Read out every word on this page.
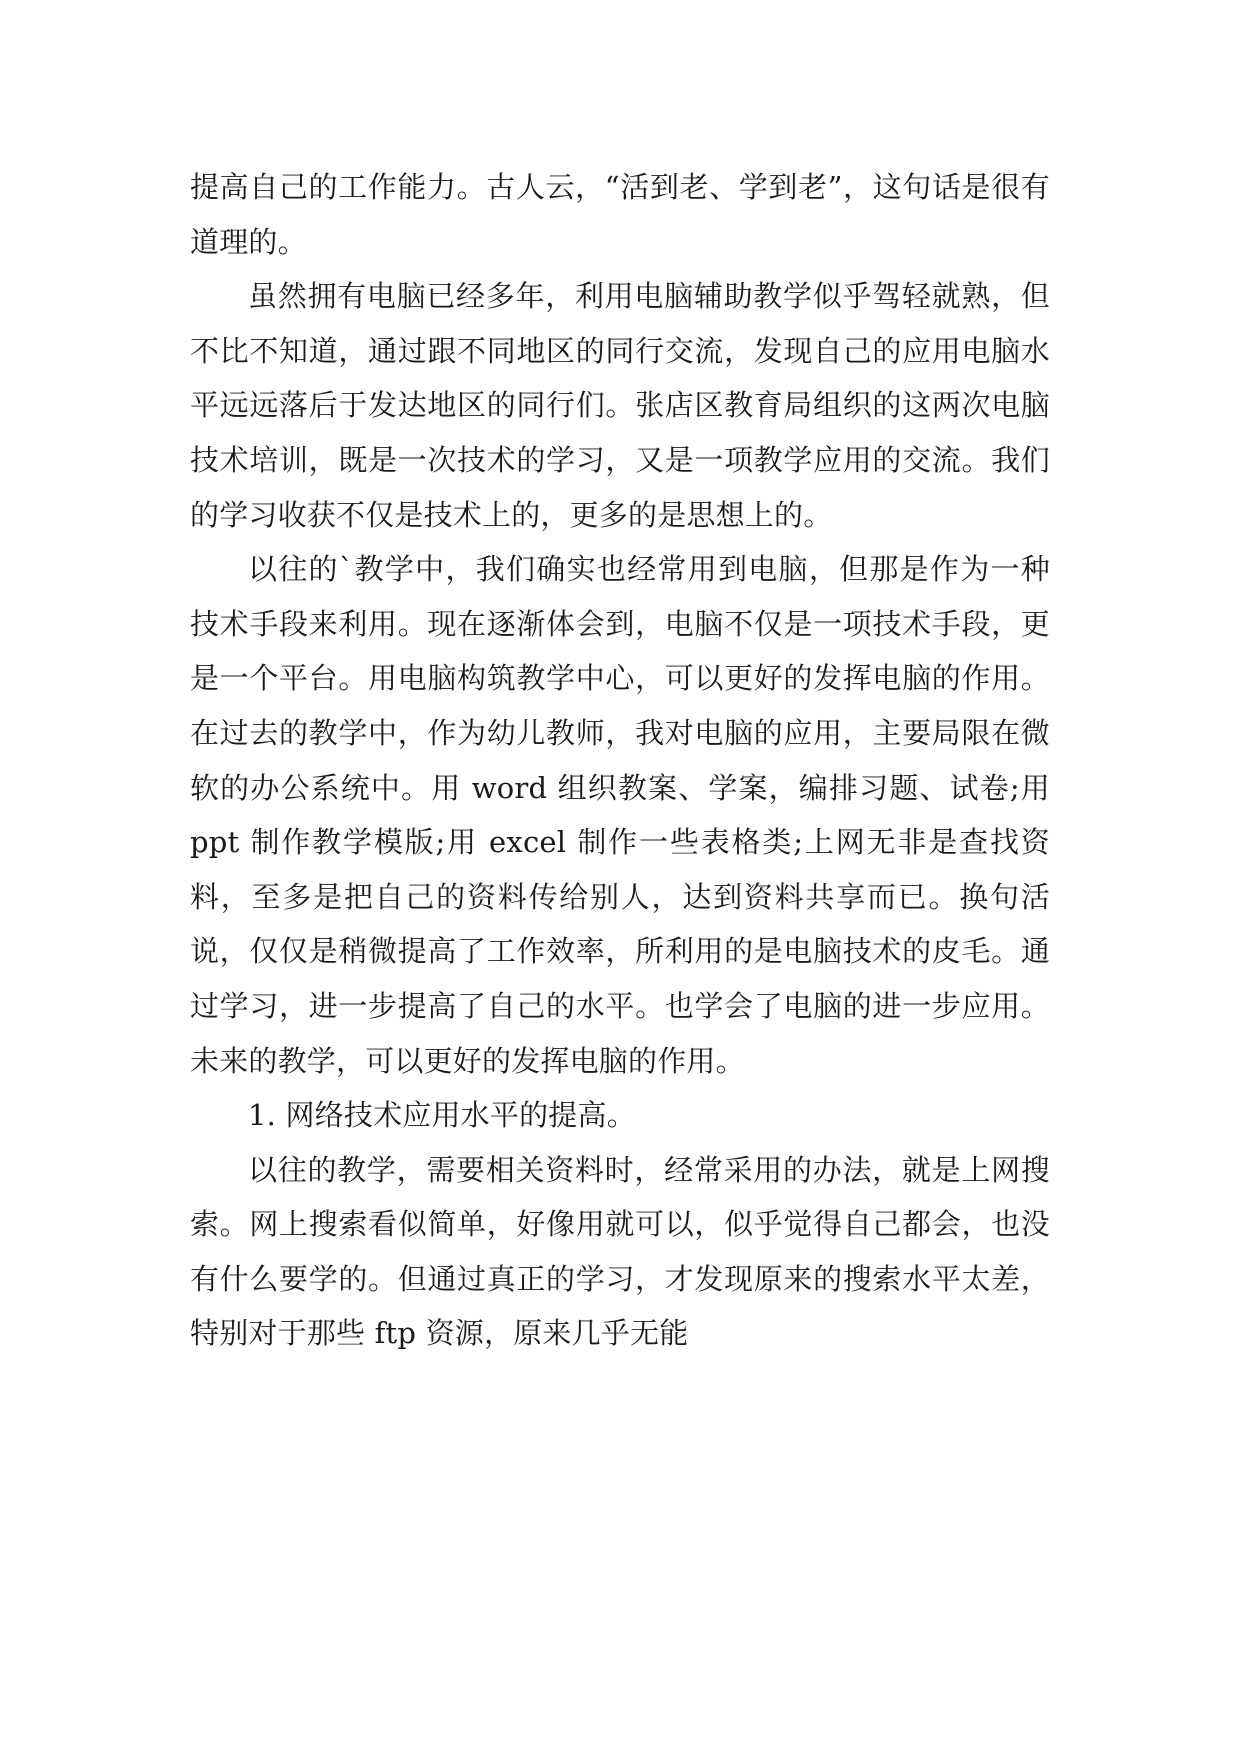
提高自己的工作能力。古人云，“活到老、学到老”，这句话是很有道理的。

虽然拥有电脑已经多年，利用电脑辅助教学似乎驾轻就熟，但不比不知道，通过跟不同地区的同行交流，发现自己的应用电脑水平远远落后于发达地区的同行们。张店区教育局组织的这两次电脑技术培训，既是一次技术的学习，又是一项教学应用的交流。我们的学习收获不仅是技术上的，更多的是思想上的。

以往的`教学中，我们确实也经常用到电脑，但那是作为一种技术手段来利用。现在逐渐体会到，电脑不仅是一项技术手段，更是一个平台。用电脑构筑教学中心，可以更好的发挥电脑的作用。在过去的教学中，作为幼儿教师，我对电脑的应用，主要局限在微软的办公系统中。用 word 组织教案、学案，编排习题、试卷;用 ppt 制作教学模版;用 excel 制作一些表格类;上网无非是查找资料，至多是把自己的资料传给别人，达到资料共享而已。换句活说，仅仅是稍微提高了工作效率，所利用的是电脑技术的皮毛。通过学习，进一步提高了自己的水平。也学会了电脑的进一步应用。未来的教学，可以更好的发挥电脑的作用。

1. 网络技术应用水平的提高。

以往的教学，需要相关资料时，经常采用的办法，就是上网搜索。网上搜索看似简单，好像用就可以，似乎觉得自己都会，也没有什么要学的。但通过真正的学习，才发现原来的搜索水平太差，特别对于那些 ftp 资源，原来几乎无能
